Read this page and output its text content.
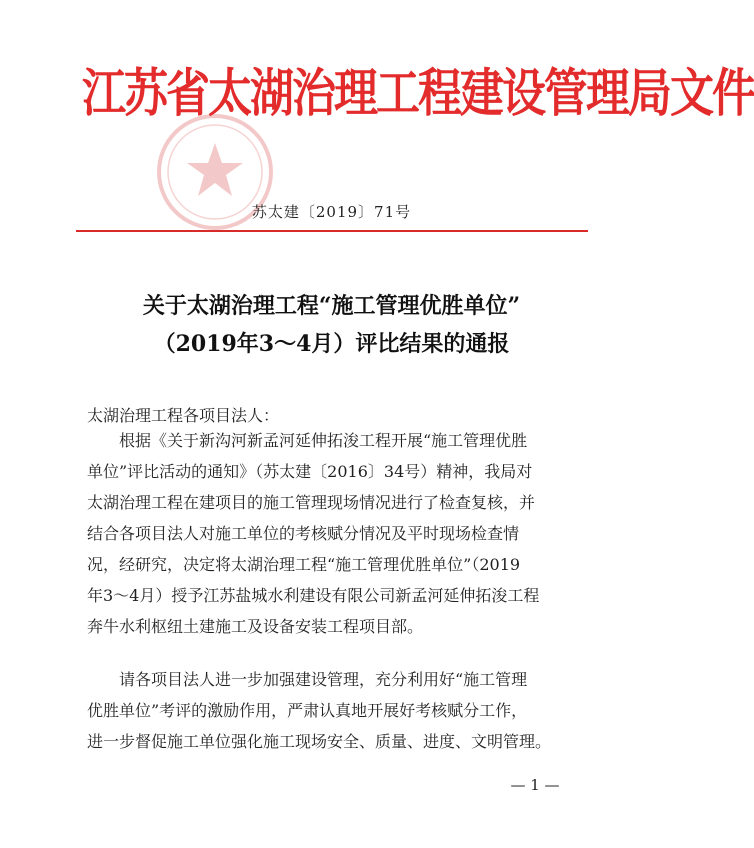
江苏省太湖治理工程建设管理局文件
苏太建〔2019〕71号
关于太湖治理工程“施工管理优胜单位”
（2019年3～4月）评比结果的通报
太湖治理工程各项目法人：
根据《关于新沟河新孟河延伸拓浚工程开展“施工管理优胜
单位”评比活动的通知》（苏太建〔2016〕34号）精神，我局对
太湖治理工程在建项目的施工管理现场情况进行了检查复核，并
结合各项目法人对施工单位的考核赋分情况及平时现场检查情
况，经研究，决定将太湖治理工程“施工管理优胜单位”（2019
年3～4月）授予江苏盐城水利建设有限公司新孟河延伸拓浚工程
奔牛水利枢纽土建施工及设备安装工程项目部。
请各项目法人进一步加强建设管理，充分利用好“施工管理
优胜单位”考评的激励作用，严肃认真地开展好考核赋分工作，
进一步督促施工单位强化施工现场安全、质量、进度、文明管理。
— 1 —
